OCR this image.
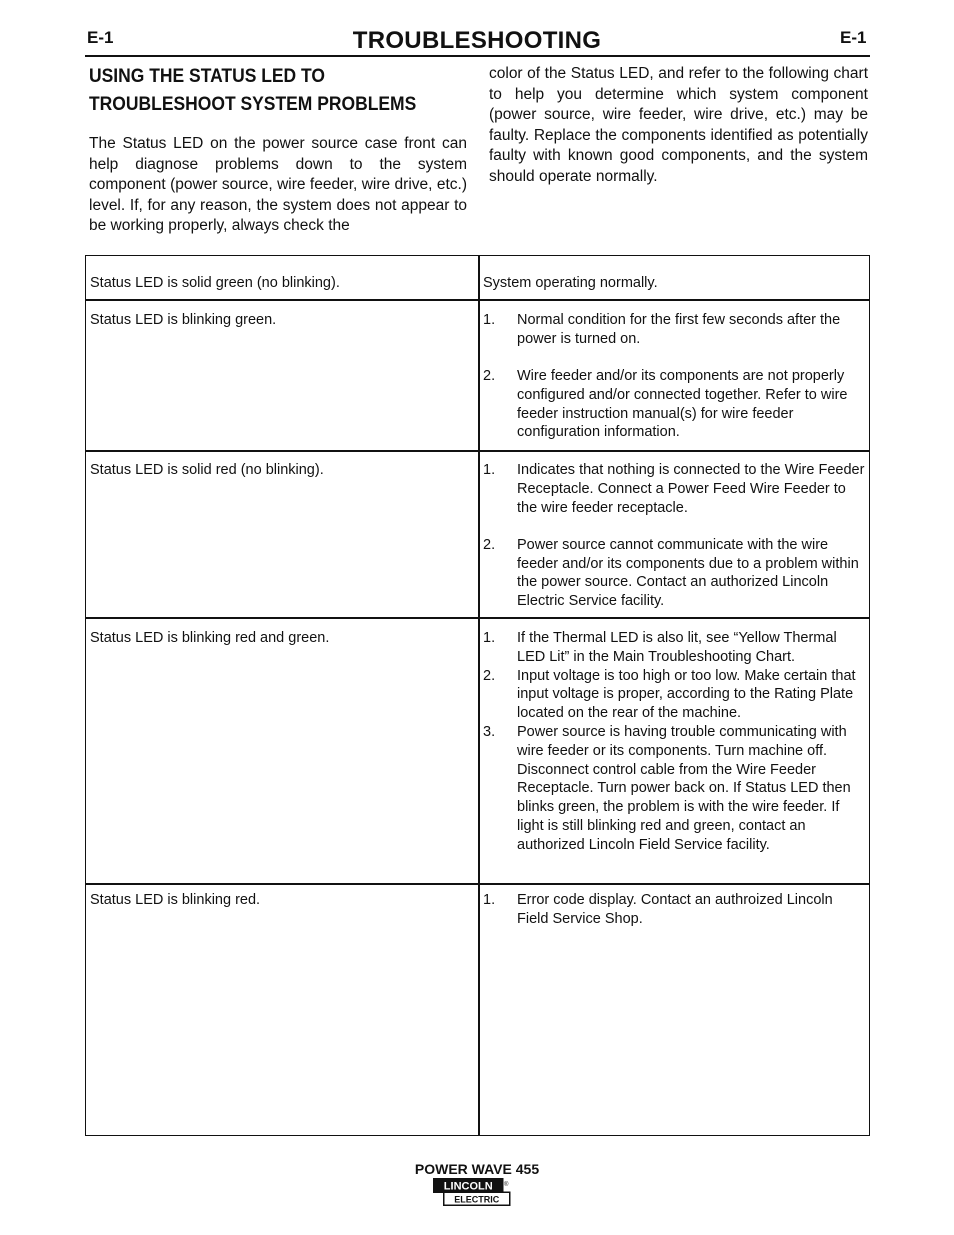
E-1	TROUBLESHOOTING	E-1
USING THE STATUS LED TO
TROUBLESHOOT SYSTEM PROBLEMS
The Status LED on the power source case front can help diagnose problems down to the system component (power source, wire feeder, wire drive, etc.) level. If, for any reason, the system does not appear to be working properly, always check the
color of the Status LED, and refer to the following chart to help you determine which system component (power source, wire feeder, wire drive, etc.) may be faulty. Replace the components identified as potentially faulty with known good components, and the system should operate normally.
Status LED is solid green (no blinking).	System operating normally.
Status LED is blinking green.	1. Normal condition for the first few seconds after the power is turned on.
2. Wire feeder and/or its components are not properly configured and/or connected together. Refer to wire feeder instruction manual(s) for wire feeder configuration information.
Status LED is solid red (no blinking).	1. Indicates that nothing is connected to the Wire Feeder Receptacle. Connect a Power Feed Wire Feeder to the wire feeder receptacle.
2. Power source cannot communicate with the wire feeder and/or its components due to a problem within the power source. Contact an authorized Lincoln Electric Service facility.
Status LED is blinking red and green.	1. If the Thermal LED is also lit, see “Yellow Thermal LED Lit” in the Main Troubleshooting Chart.
2. Input voltage is too high or too low. Make certain that input voltage is proper, according to the Rating Plate located on the rear of the machine.
3. Power source is having trouble communicating with wire feeder or its components. Turn machine off. Disconnect control cable from the Wire Feeder Receptacle. Turn power back on. If Status LED then blinks green, the problem is with the wire feeder. If light is still blinking red and green, contact an authorized Lincoln Field Service facility.
Status LED is blinking red.	1. Error code display. Contact an authroized Lincoln Field Service Shop.
POWER WAVE 455
LINCOLN ®
ELECTRIC
